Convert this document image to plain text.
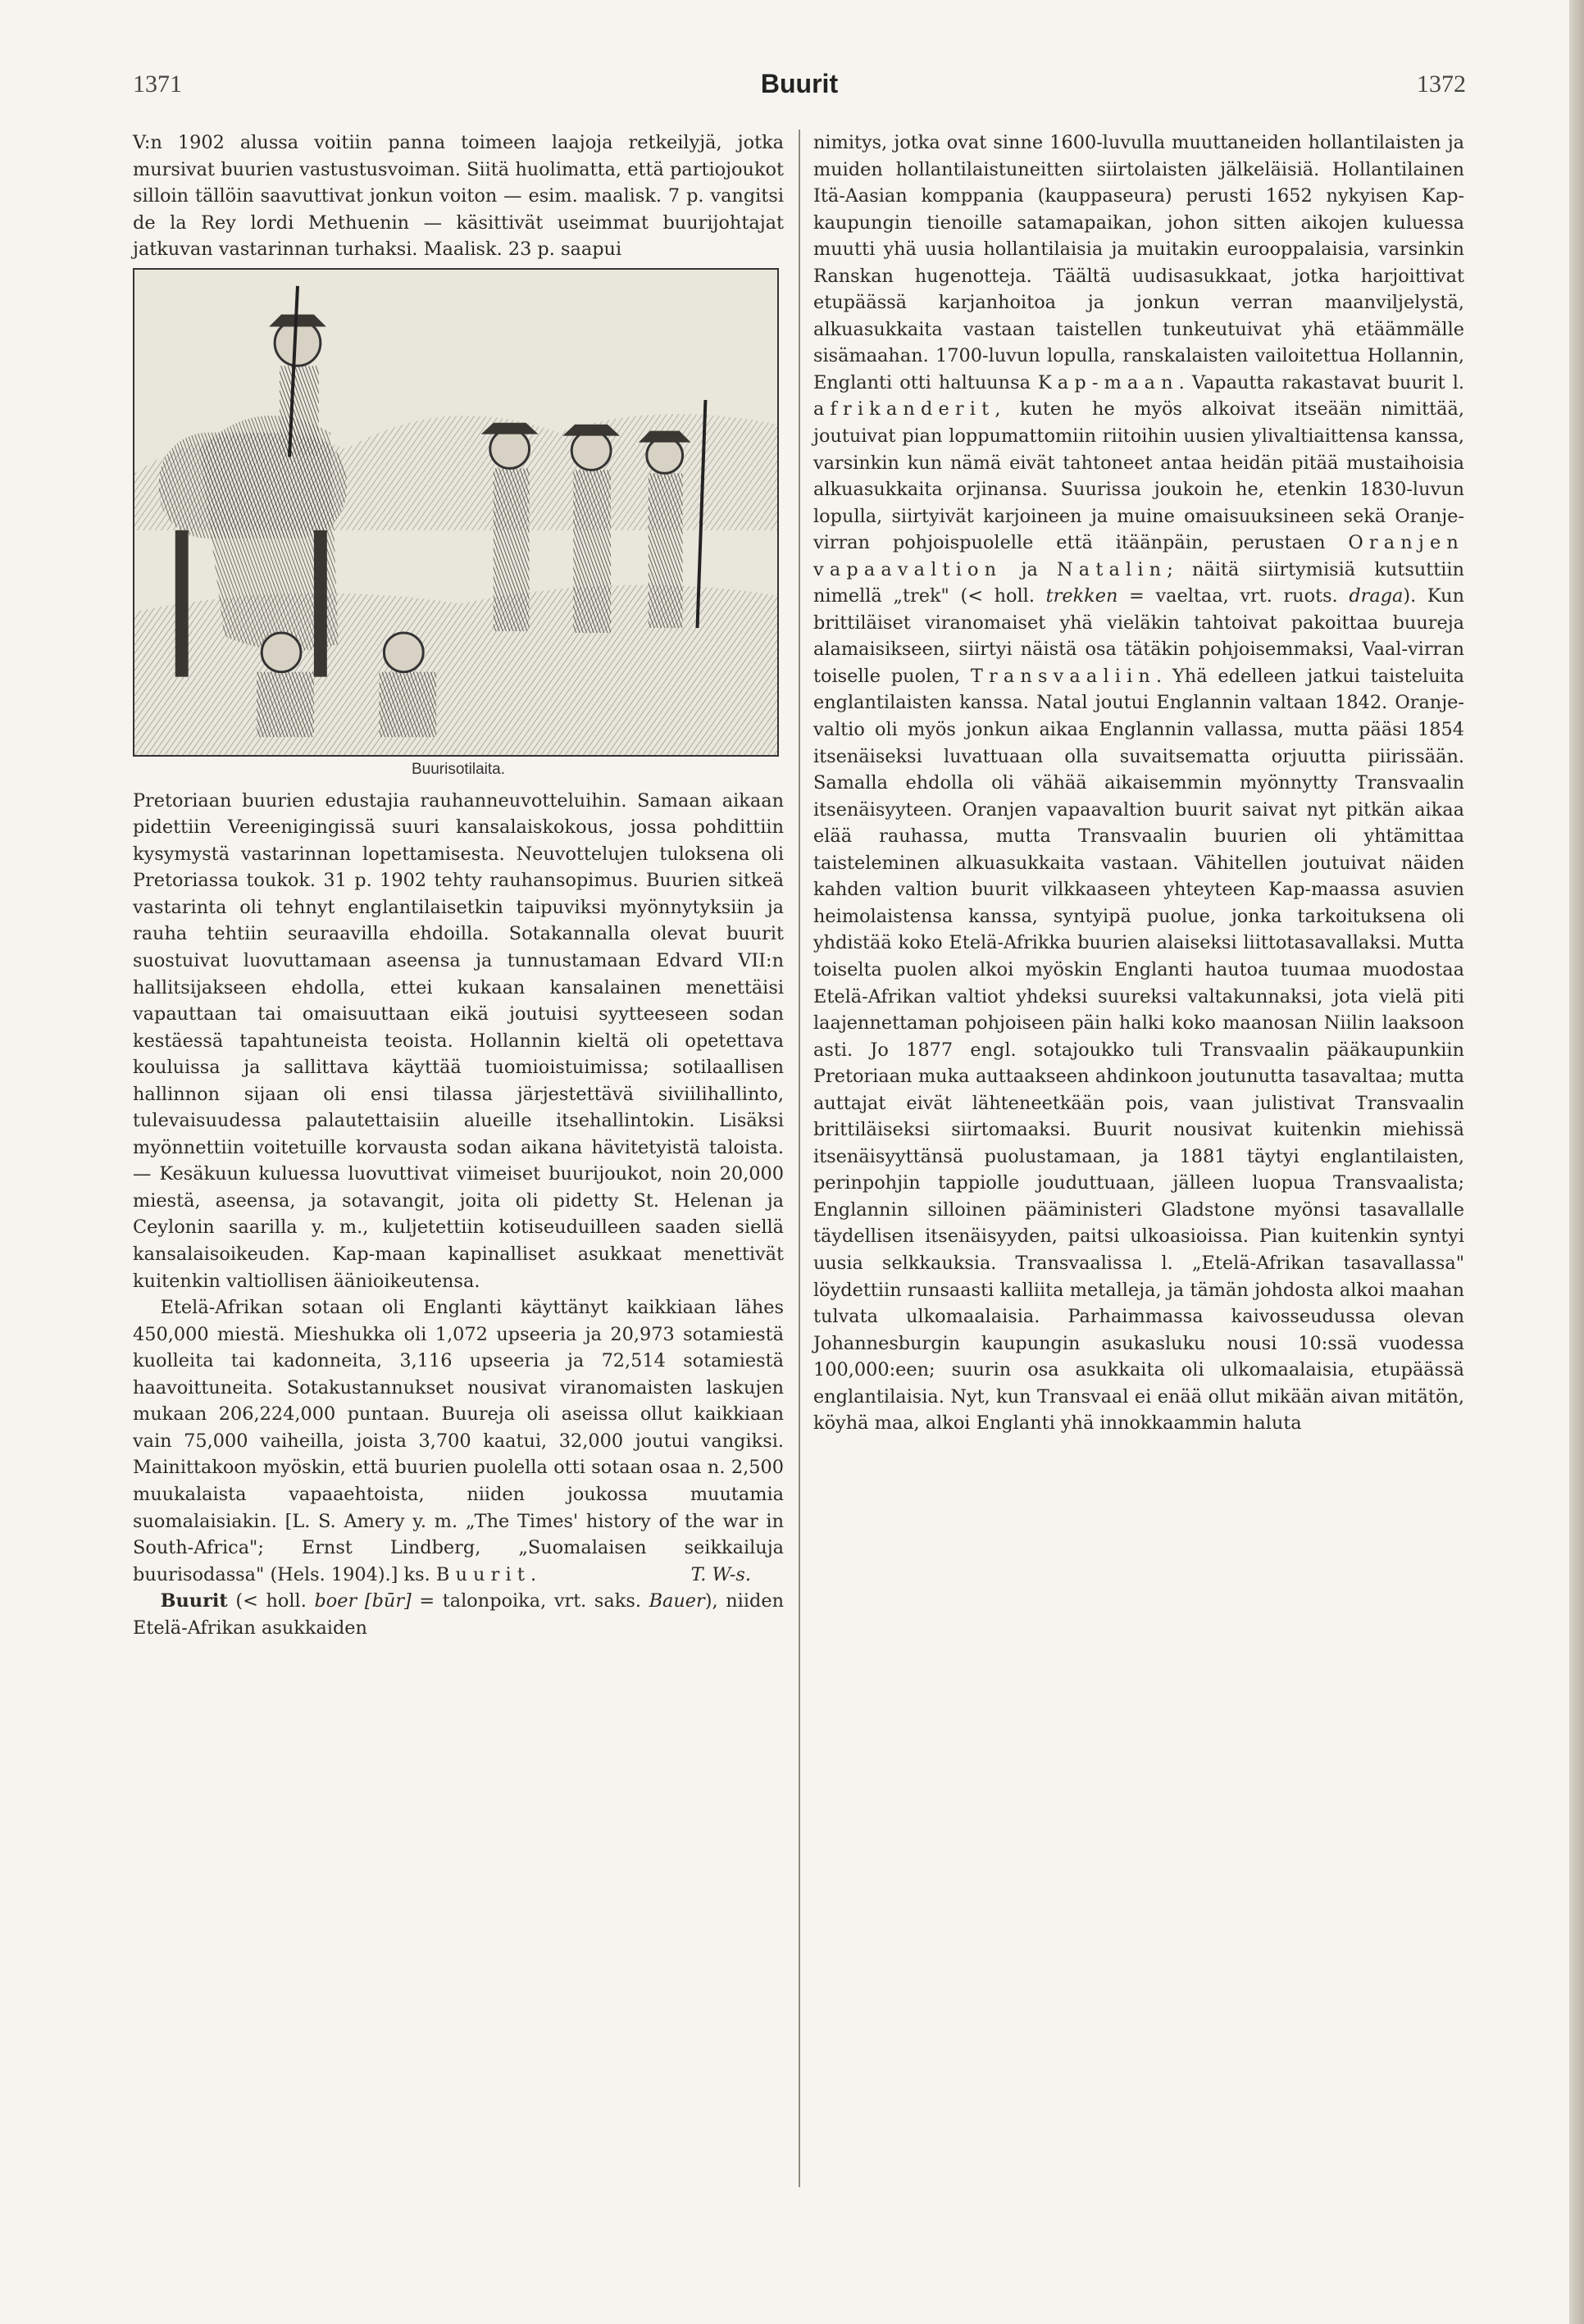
1371	Buurit	1372

V:n 1902 alussa voitiin panna toimeen laajoja retkeilyjä, jotka mursivat buurien vastustusvoiman. Siitä huolimatta, että partiojoukot silloin tällöin saavuttivat jonkun voiton — esim. maalisk. 7 p. vangitsi de la Rey lordi Methuenin — käsittivät useimmat buurijohtajat jatkuvan vastarinnan turhaksi. Maalisk. 23 p. saapui

Buurisotilaita.

Pretoriaan buurien edustajia rauhanneuvotteluihin. Samaan aikaan pidettiin Vereenigingissä suuri kansalaiskokous, jossa pohdittiin kysymystä vastarinnan lopettamisesta. Neuvottelujen tuloksena oli Pretoriassa toukok. 31 p. 1902 tehty rauhansopimus. Buurien sitkeä vastarinta oli tehnyt englantilaisetkin taipuviksi myönnytyksiin ja rauha tehtiin seuraavilla ehdoilla. Sotakannalla olevat buurit suostuivat luovuttamaan aseensa ja tunnustamaan Edvard VII:n hallitsijakseen ehdolla, ettei kukaan kansalainen menettäisi vapauttaan tai omaisuuttaan eikä joutuisi syytteeseen sodan kestäessä tapahtuneista teoista. Hollannin kieltä oli opetettava kouluissa ja sallittava käyttää tuomioistuimissa; sotilaallisen hallinnon sijaan oli ensi tilassa järjestettävä siviilihallinto, tulevaisuudessa palautettaisiin alueille itsehallintokin. Lisäksi myönnettiin voitetuille korvausta sodan aikana hävitetyistä taloista. — Kesäkuun kuluessa luovuttivat viimeiset buurijoukot, noin 20,000 miestä, aseensa, ja sotavangit, joita oli pidetty St. Helenan ja Ceylonin saarilla y. m., kuljetettiin kotiseuduilleen saaden siellä kansalaisoikeuden. Kap-maan kapinalliset asukkaat menettivät kuitenkin valtiollisen äänioikeutensa.

Etelä-Afrikan sotaan oli Englanti käyttänyt kaikkiaan lähes 450,000 miestä. Mieshukka oli 1,072 upseeria ja 20,973 sotamiestä kuolleita tai kadonneita, 3,116 upseeria ja 72,514 sotamiestä haavoittuneita. Sotakustannukset nousivat viranomaisten laskujen mukaan 206,224,000 puntaan. Buureja oli aseissa ollut kaikkiaan vain 75,000 vaiheilla, joista 3,700 kaatui, 32,000 joutui vangiksi. Mainittakoon myöskin, että buurien puolella otti sotaan osaa n. 2,500 muukalaista vapaaehtoista, niiden joukossa muutamia suomalaisiakin. [L. S. Amery y. m. „The Times' history of the war in South-Africa"; Ernst Lindberg, „Suomalaisen seikkailuja buurisodassa" (Hels. 1904).] ks. Buurit.	T. W-s.

Buurit (< holl. boer [būr] = talonpoika, vrt. saks. Bauer), niiden Etelä-Afrikan asukkaiden

nimitys, jotka ovat sinne 1600-luvulla muuttaneiden hollantilaisten ja muiden hollantilaistuneitten siirtolaisten jälkeläisiä. Hollantilainen Itä-Aasian komppania (kauppaseura) perusti 1652 nykyisen Kap-kaupungin tienoille satamapaikan, johon sitten aikojen kuluessa muutti yhä uusia hollantilaisia ja muitakin eurooppalaisia, varsinkin Ranskan hugenotteja. Täältä uudisasukkaat, jotka harjoittivat etupäässä karjanhoitoa ja jonkun verran maanviljelystä, alkuasukkaita vastaan taistellen tunkeutuivat yhä etäämmälle sisämaahan. 1700-luvun lopulla, ranskalaisten vailoitettua Hollannin, Englanti otti haltuunsa Kap-maan. Vapautta rakastavat buurit l. afrikanderit, kuten he myös alkoivat itseään nimittää, joutuivat pian loppumattomiin riitoihin uusien ylivaltiaittensa kanssa, varsinkin kun nämä eivät tahtoneet antaa heidän pitää mustaihoisia alkuasukkaita orjinansa. Suurissa joukoin he, etenkin 1830-luvun lopulla, siirtyivät karjoineen ja muine omaisuuksineen sekä Oranje-virran pohjoispuolelle että itäänpäin, perustaen Oranjen vapaavaltion ja Natalin; näitä siirtymisiä kutsuttiin nimellä „trek" (< holl. trekken = vaeltaa, vrt. ruots. draga). Kun brittiläiset viranomaiset yhä vieläkin tahtoivat pakoittaa buureja alamaisikseen, siirtyi näistä osa tätäkin pohjoisemmaksi, Vaal-virran toiselle puolen, Transvaaliin. Yhä edelleen jatkui taisteluita englantilaisten kanssa. Natal joutui Englannin valtaan 1842. Oranje-valtio oli myös jonkun aikaa Englannin vallassa, mutta pääsi 1854 itsenäiseksi luvattuaan olla suvaitsematta orjuutta piirissään. Samalla ehdolla oli vähää aikaisemmin myönnytty Transvaalin itsenäisyyteen. Oranjen vapaavaltion buurit saivat nyt pitkän aikaa elää rauhassa, mutta Transvaalin buurien oli yhtämittaa taisteleminen alkuasukkaita vastaan. Vähitellen joutuivat näiden kahden valtion buurit vilkkaaseen yhteyteen Kap-maassa asuvien heimolaistensa kanssa, syntyipä puolue, jonka tarkoituksena oli yhdistää koko Etelä-Afrikka buurien alaiseksi liittotasavallaksi. Mutta toiselta puolen alkoi myöskin Englanti hautoa tuumaa muodostaa Etelä-Afrikan valtiot yhdeksi suureksi valtakunnaksi, jota vielä piti laajennettaman pohjoiseen päin halki koko maanosan Niilin laaksoon asti. Jo 1877 engl. sotajoukko tuli Transvaalin pääkaupunkiin Pretoriaan muka auttaakseen ahdinkoon joutunutta tasavaltaa; mutta auttajat eivät lähteneetkään pois, vaan julistivat Transvaalin brittiläiseksi siirtomaaksi. Buurit nousivat kuitenkin miehissä itsenäisyyttänsä puolustamaan, ja 1881 täytyi englantilaisten, perinpohjin tappiolle jouduttuaan, jälleen luopua Transvaalista; Englannin silloinen pääministeri Gladstone myönsi tasavallalle täydellisen itsenäisyyden, paitsi ulkoasioissa. Pian kuitenkin syntyi uusia selkkauksia. Transvaalissa l. „Etelä-Afrikan tasavallassa" löydettiin runsaasti kalliita metalleja, ja tämän johdosta alkoi maahan tulvata ulkomaalaisia. Parhaimmassa kaivosseudussa olevan Johannesburgin kaupungin asukasluku nousi 10:ssä vuodessa 100,000:een; suurin osa asukkaita oli ulkomaalaisia, etupäässä englantilaisia. Nyt, kun Transvaal ei enää ollut mikään aivan mitätön, köyhä maa, alkoi Englanti yhä innokkaammin haluta
